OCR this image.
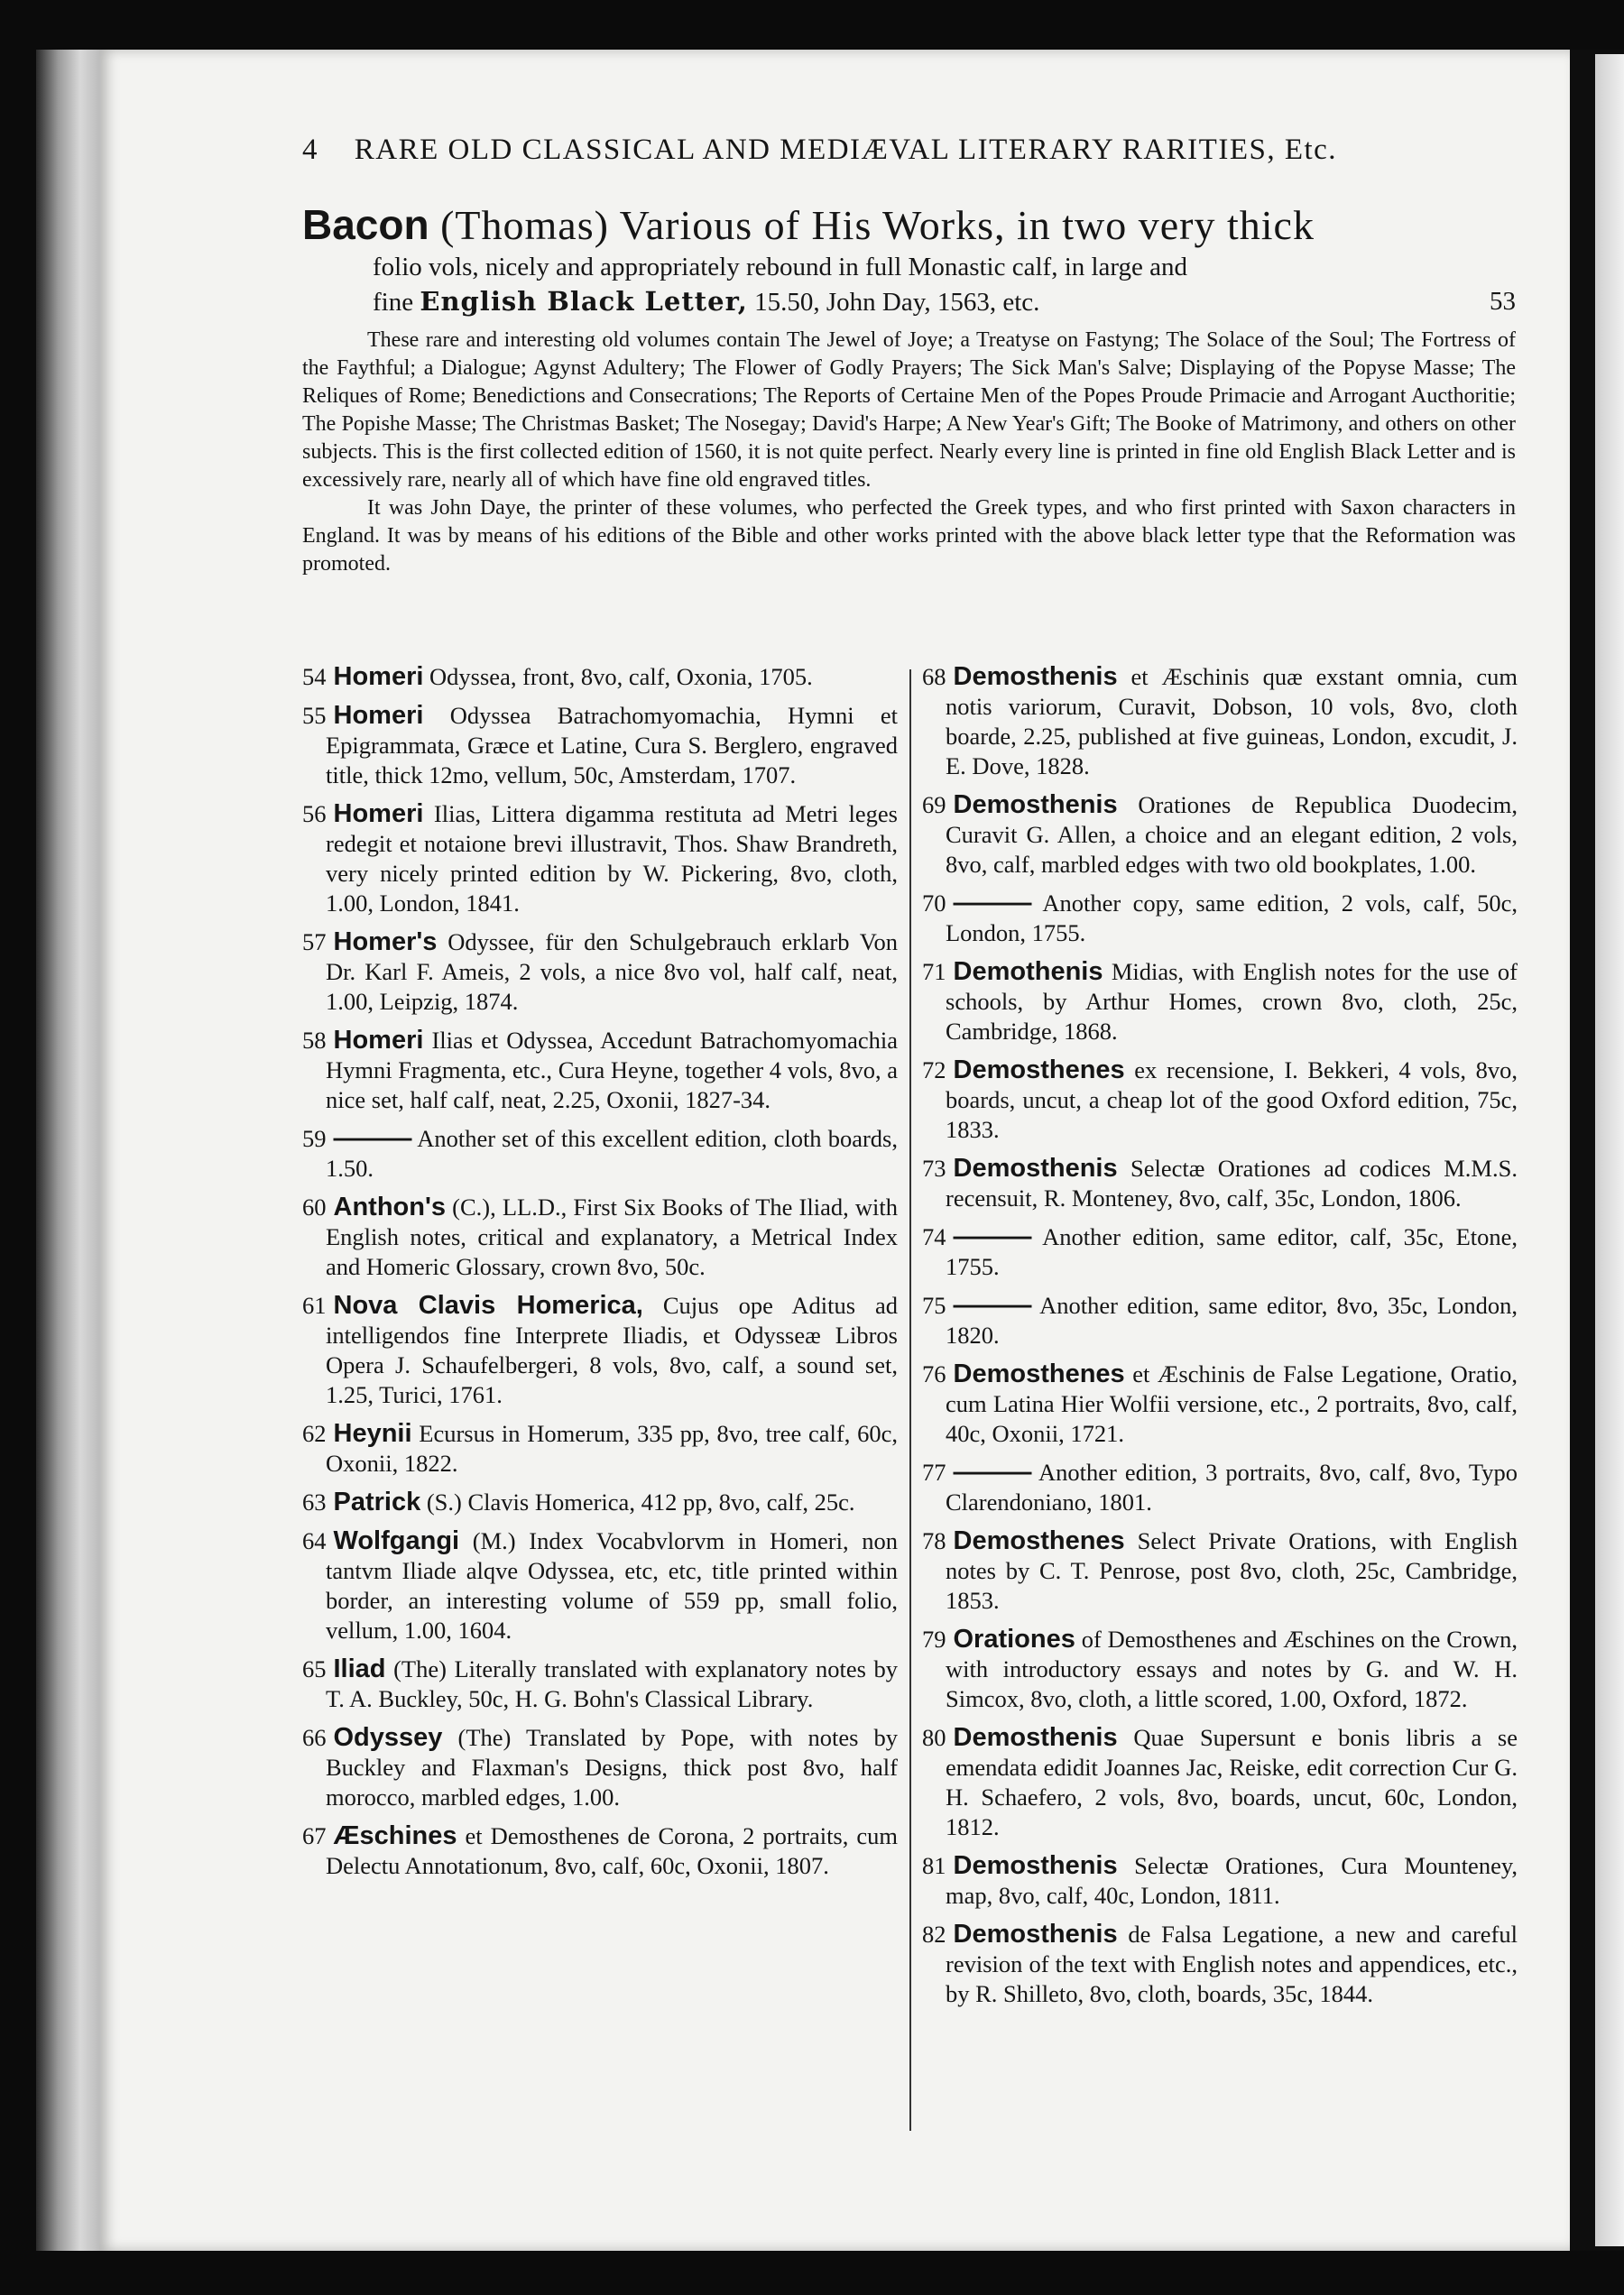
4 RARE OLD CLASSICAL AND MEDIÆVAL LITERARY RARITIES, Etc.
Bacon (Thomas) Various of His Works, in two very thick
folio vols, nicely and appropriately rebound in full Monastic calf, in large and
fine English Black Letter, 15.50, John Day, 1563, etc.	53
These rare and interesting old volumes contain The Jewel of Joye; a Treatyse on Fastyng; The Solace of the Soul; The Fortress of the Faythful; a Dialogue; Agynst Adultery; The Flower of Godly Prayers; The Sick Man's Salve; Displaying of the Popyse Masse; The Reliques of Rome; Benedictions and Consecrations; The Reports of Certaine Men of the Popes Proude Primacie and Arrogant Aucthoritie; The Popishe Masse; The Christmas Basket; The Nosegay; David's Harpe; A New Year's Gift; The Booke of Matrimony, and others on other subjects. This is the first collected edition of 1560, it is not quite perfect. Nearly every line is printed in fine old English Black Letter and is excessively rare, nearly all of which have fine old engraved titles.
It was John Daye, the printer of these volumes, who perfected the Greek types, and who first printed with Saxon characters in England. It was by means of his editions of the Bible and other works printed with the above black letter type that the Reformation was promoted.
54 Homeri Odyssea, front, 8vo, calf, Oxonia, 1705.
55 Homeri Odyssea Batrachomyomachia, Hymni et Epigrammata, Græce et Latine, Cura S. Berglero, engraved title, thick 12mo, vellum, 50c, Amsterdam, 1707.
56 Homeri Ilias, Littera digamma restituta ad Metri leges redegit et notaione brevi illustravit, Thos. Shaw Brandreth, very nicely printed edition by W. Pickering, 8vo, cloth, 1.00, London, 1841.
57 Homer's Odyssee, für den Schulgebrauch erklarb Von Dr. Karl F. Ameis, 2 vols, a nice 8vo vol, half calf, neat, 1.00, Leipzig, 1874.
58 Homeri Ilias et Odyssea, Accedunt Batrachomyomachia Hymni Fragmenta, etc., Cura Heyne, together 4 vols, 8vo, a nice set, half calf, neat, 2.25, Oxonii, 1827-34.
59 ——— Another set of this excellent edition, cloth boards, 1.50.
60 Anthon's (C.), LL.D., First Six Books of The Iliad, with English notes, critical and explanatory, a Metrical Index and Homeric Glossary, crown 8vo, 50c.
61 Nova Clavis Homerica, Cujus ope Aditus ad intelligendos fine Interprete Iliadis, et Odysseæ Libros Opera J. Schaufelbergeri, 8 vols, 8vo, calf, a sound set, 1.25, Turici, 1761.
62 Heynii Ecursus in Homerum, 335 pp, 8vo, tree calf, 60c, Oxonii, 1822.
63 Patrick (S.) Clavis Homerica, 412 pp, 8vo, calf, 25c.
64 Wolfgangi (M.) Index Vocabvlorvm in Homeri, non tantvm Iliade alqve Odyssea, etc, etc, title printed within border, an interesting volume of 559 pp, small folio, vellum, 1.00, 1604.
65 Iliad (The) Literally translated with explanatory notes by T. A. Buckley, 50c, H. G. Bohn's Classical Library.
66 Odyssey (The) Translated by Pope, with notes by Buckley and Flaxman's Designs, thick post 8vo, half morocco, marbled edges, 1.00.
67 Æschines et Demosthenes de Corona, 2 portraits, cum Delectu Annotationum, 8vo, calf, 60c, Oxonii, 1807.
68 Demosthenis et Æschinis quæ exstant omnia, cum notis variorum, Curavit, Dobson, 10 vols, 8vo, cloth boarde, 2.25, published at five guineas, London, excudit, J. E. Dove, 1828.
69 Demosthenis Orationes de Republica Duodecim, Curavit G. Allen, a choice and an elegant edition, 2 vols, 8vo, calf, marbled edges with two old bookplates, 1.00.
70 ——— Another copy, same edition, 2 vols, calf, 50c, London, 1755.
71 Demothenis Midias, with English notes for the use of schools, by Arthur Homes, crown 8vo, cloth, 25c, Cambridge, 1868.
72 Demosthenes ex recensione, I. Bekkeri, 4 vols, 8vo, boards, uncut, a cheap lot of the good Oxford edition, 75c, 1833.
73 Demosthenis Selectæ Orationes ad codices M.M.S. recensuit, R. Monteney, 8vo, calf, 35c, London, 1806.
74 ——— Another edition, same editor, calf, 35c, Etone, 1755.
75 ——— Another edition, same editor, 8vo, 35c, London, 1820.
76 Demosthenes et Æschinis de False Legatione, Oratio, cum Latina Hier Wolfii versione, etc., 2 portraits, 8vo, calf, 40c, Oxonii, 1721.
77 ——— Another edition, 3 portraits, 8vo, calf, 8vo, Typo Clarendoniano, 1801.
78 Demosthenes Select Private Orations, with English notes by C. T. Penrose, post 8vo, cloth, 25c, Cambridge, 1853.
79 Orationes of Demosthenes and Æschines on the Crown, with introductory essays and notes by G. and W. H. Simcox, 8vo, cloth, a little scored, 1.00, Oxford, 1872.
80 Demosthenis Quae Supersunt e bonis libris a se emendata edidit Joannes Jac, Reiske, edit correction Cur G. H. Schaefero, 2 vols, 8vo, boards, uncut, 60c, London, 1812.
81 Demosthenis Selectæ Orationes, Cura Mounteney, map, 8vo, calf, 40c, London, 1811.
82 Demosthenis de Falsa Legatione, a new and careful revision of the text with English notes and appendices, etc., by R. Shilleto, 8vo, cloth, boards, 35c, 1844.
